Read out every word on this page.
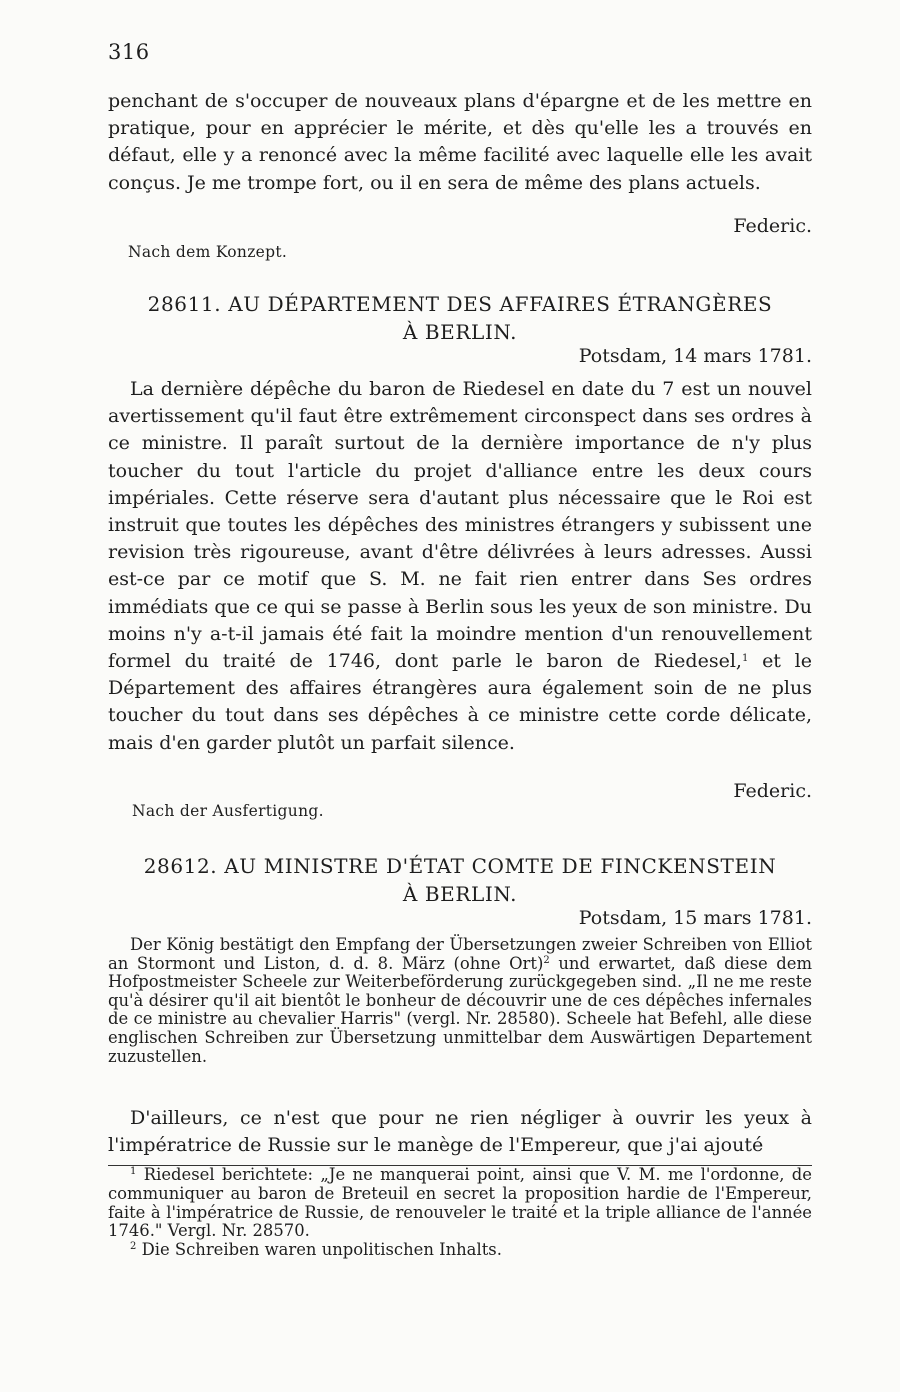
316

penchant de s'occuper de nouveaux plans d'épargne et de les mettre en pratique, pour en apprécier le mérite, et dès qu'elle les a trouvés en défaut, elle y a renoncé avec la même facilité avec laquelle elle les avait conçus. Je me trompe fort, ou il en sera de même des plans actuels.

Federic.
Nach dem Konzept.
28611. AU DÉPARTEMENT DES AFFAIRES ÉTRANGÈRES
À BERLIN.
Potsdam, 14 mars 1781.

La dernière dépêche du baron de Riedesel en date du 7 est un nouvel avertissement qu'il faut être extrêmement circonspect dans ses ordres à ce ministre. Il paraît surtout de la dernière importance de n'y plus toucher du tout l'article du projet d'alliance entre les deux cours impériales. Cette réserve sera d'autant plus nécessaire que le Roi est instruit que toutes les dépêches des ministres étrangers y subissent une revision très rigoureuse, avant d'être délivrées à leurs adresses. Aussi est-ce par ce motif que S. M. ne fait rien entrer dans Ses ordres immédiats que ce qui se passe à Berlin sous les yeux de son ministre. Du moins n'y a-t-il jamais été fait la moindre mention d'un renouvellement formel du traité de 1746, dont parle le baron de Riedesel,$^1$ et le Département des affaires étrangères aura également soin de ne plus toucher du tout dans ses dépêches à ce ministre cette corde délicate, mais d'en garder plutôt un parfait silence.

Federic.
Nach der Ausfertigung.
28612. AU MINISTRE D'ÉTAT COMTE DE FINCKENSTEIN
À BERLIN.
Potsdam, 15 mars 1781.

Der König bestätigt den Empfang der Übersetzungen zweier Schreiben von Elliot an Stormont und Liston, d. d. 8. März (ohne Ort)$^2$ und erwartet, daß diese dem Hofpostmeister Scheele zur Weiterbeförderung zurückgegeben sind. „Il ne me reste qu'à désirer qu'il ait bientôt le bonheur de découvrir une de ces dépêches infernales de ce ministre au chevalier Harris" (vergl. Nr. 28580). Scheele hat Befehl, alle diese englischen Schreiben zur Übersetzung unmittelbar dem Auswärtigen Departement zuzustellen.

D'ailleurs, ce n'est que pour ne rien négliger à ouvrir les yeux à l'impératrice de Russie sur le manège de l'Empereur, que j'ai ajouté

$^1$ Riedesel berichtete: „Je ne manquerai point, ainsi que V. M. me l'ordonne, de communiquer au baron de Breteuil en secret la proposition hardie de l'Empereur, faite à l'impératrice de Russie, de renouveler le traité et la triple alliance de l'année 1746." Vergl. Nr. 28570.

$^2$ Die Schreiben waren unpolitischen Inhalts.
